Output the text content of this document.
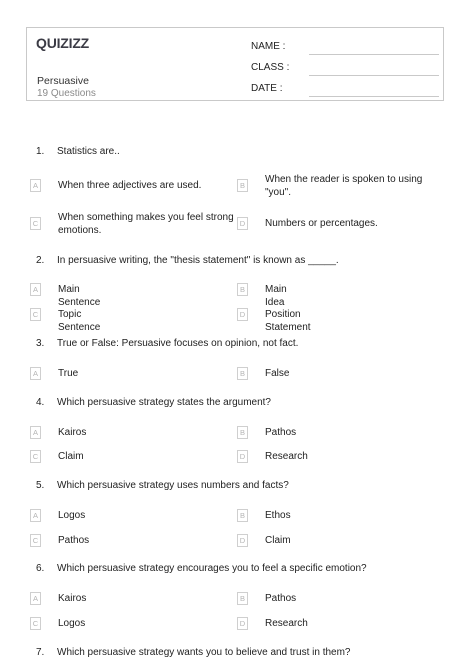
QUIZIZZ
Persuasive
19 Questions
NAME :
CLASS :
DATE :
1. Statistics are..
A	When three adjectives are used.	B
When the reader is spoken to using "you".
C
When something makes you feel strong emotions.
D Numbers or percentages.
2. In persuasive writing, the "thesis statement" is known as _____.
A	Main Sentence
B	Main Idea
C Topic Sentence
D Position Statement
3. True or False: Persuasive focuses on opinion, not fact.
A	True	B	False
4. Which persuasive strategy states the argument?
A	Kairos	B	Pathos
C Claim	D Research
5. Which persuasive strategy uses numbers and facts?
A	Logos	B	Ethos
C Pathos	D Claim
6. Which persuasive strategy encourages you to feel a specific emotion?
A	Kairos	B	Pathos
C Logos	D Research
7. Which persuasive strategy wants you to believe and trust in them?
